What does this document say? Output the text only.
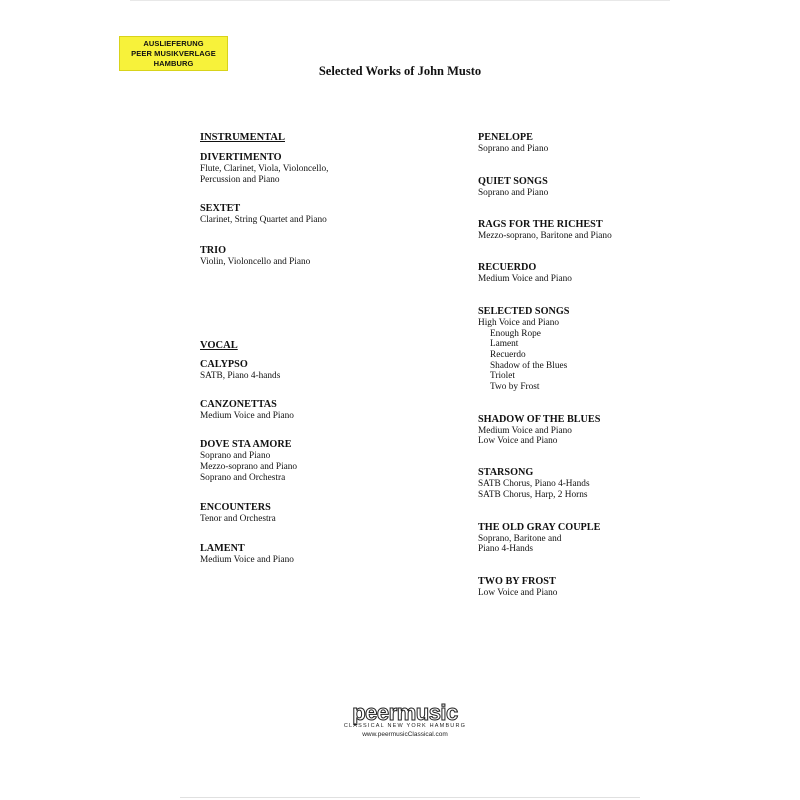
AUSLIEFERUNG
PEER MUSIKVERLAGE
HAMBURG
Selected Works of John Musto
INSTRUMENTAL
DIVERTIMENTO
Flute, Clarinet, Viola, Violoncello,
Percussion and Piano
SEXTET
Clarinet, String Quartet and Piano
TRIO
Violin, Violoncello and Piano
VOCAL
CALYPSO
SATB, Piano 4-hands
CANZONETTAS
Medium Voice and Piano
DOVE STA AMORE
Soprano and Piano
Mezzo-soprano and Piano
Soprano and Orchestra
ENCOUNTERS
Tenor and Orchestra
LAMENT
Medium Voice and Piano
PENELOPE
Soprano and Piano
QUIET SONGS
Soprano and Piano
RAGS FOR THE RICHEST
Mezzo-soprano, Baritone and Piano
RECUERDO
Medium Voice and Piano
SELECTED SONGS
High Voice and Piano
Enough Rope
Lament
Recuerdo
Shadow of the Blues
Triolet
Two by Frost
SHADOW OF THE BLUES
Medium Voice and Piano
Low Voice and Piano
STARSONG
SATB Chorus, Piano 4-Hands
SATB Chorus, Harp, 2 Horns
THE OLD GRAY COUPLE
Soprano, Baritone and
Piano 4-Hands
TWO BY FROST
Low Voice and Piano
peermusic
CLASSICAL NEW YORK HAMBURG
www.peermusicClassical.com
